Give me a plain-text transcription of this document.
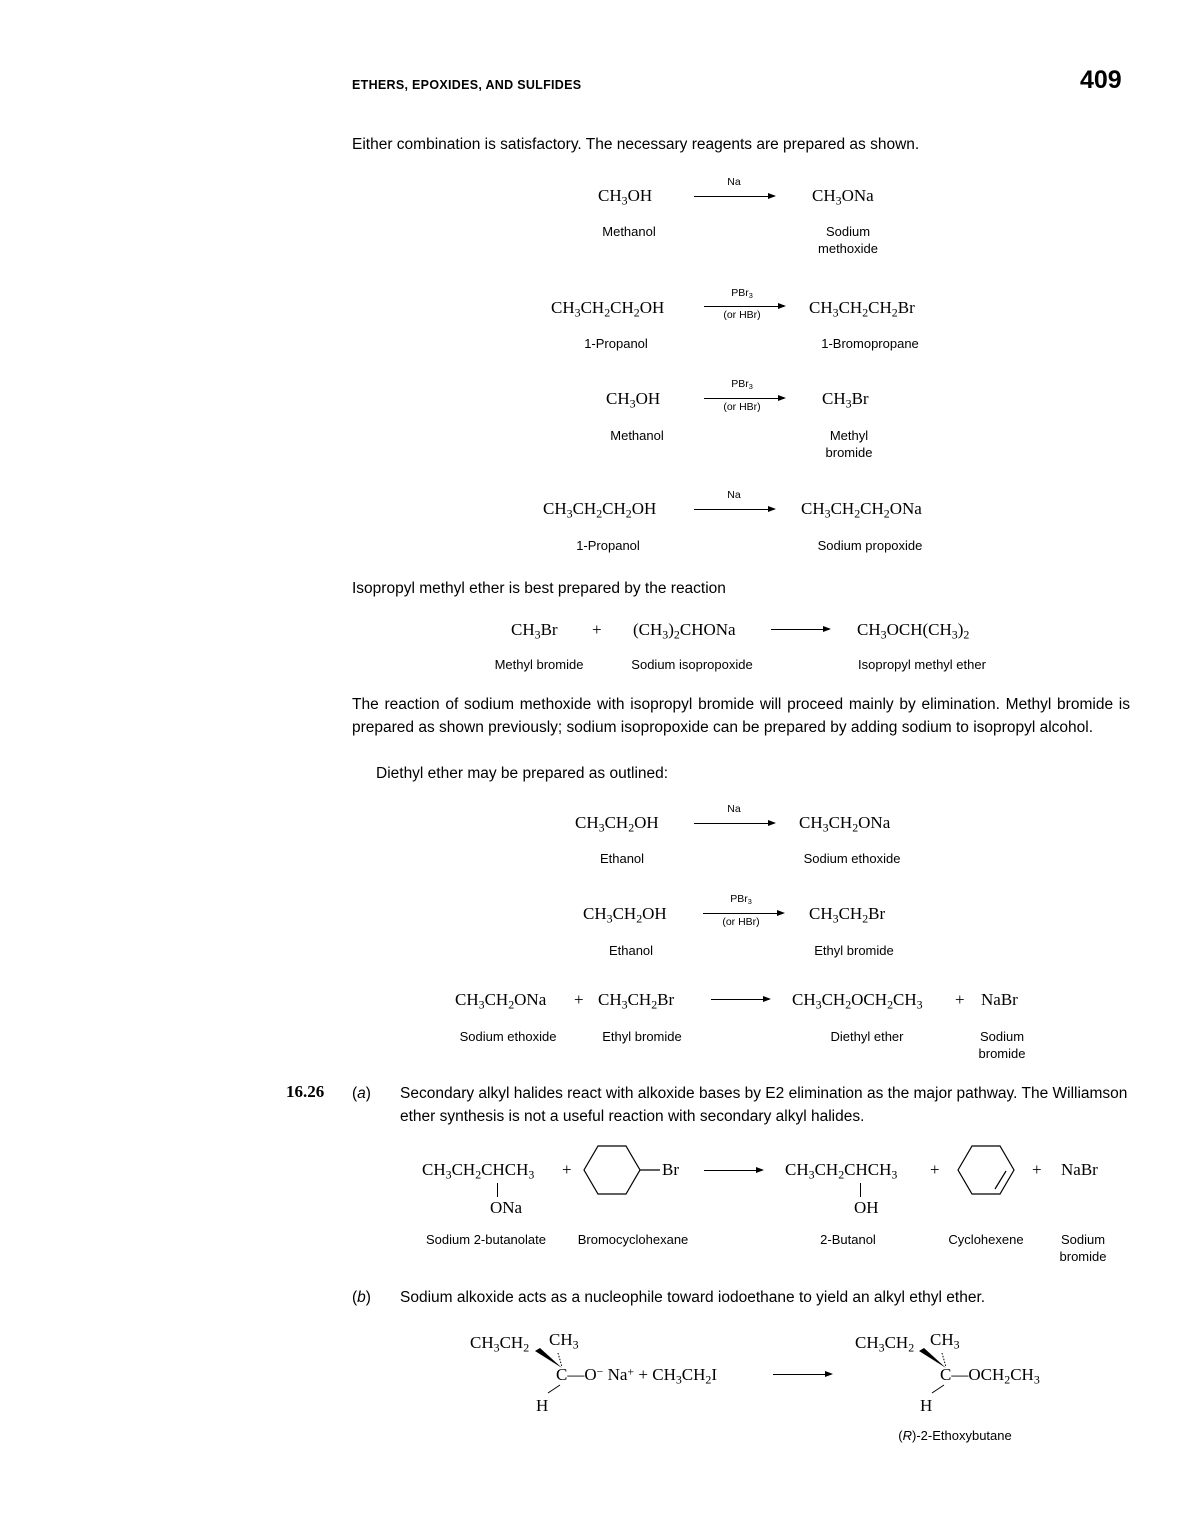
ETHERS, EPOXIDES, AND SULFIDES	409
Either combination is satisfactory. The necessary reagents are prepared as shown.
$CH_3OH$
Na
$CH_3ONa$
Methanol	Sodium
methoxide
$CH_3CH_2CH_2OH$
PBr$_3$
(or HBr)	$CH_3CH_2CH_2Br$
1-Propanol	1-Bromopropane
$CH_3OH$
PBr$_3$
(or HBr)	$CH_3Br$
Methanol	Methyl
bromide
$CH_3CH_2CH_2OH$
Na
$CH_3CH_2CH_2ONa$
1-Propanol	Sodium propoxide
Isopropyl methyl ether is best prepared by the reaction
$CH_3Br$ + $(CH_3)_2CHONa$	$CH_3OCH(CH_3)_2$
Methyl bromide	Sodium isopropoxide	Isopropyl methyl ether
The reaction of sodium methoxide with isopropyl bromide will proceed mainly by elimination. Methyl bromide is prepared as shown previously; sodium isopropoxide can be prepared by adding sodium to isopropyl alcohol.
Diethyl ether may be prepared as outlined:
$CH_3CH_2OH$
Na
$CH_3CH_2ONa$
Ethanol	Sodium ethoxide
$CH_3CH_2OH$
PBr$_3$
(or HBr)	$CH_3CH_2Br$
Ethanol	Ethyl bromide
$CH_3CH_2ONa + CH_3CH_2Br$	$CH_3CH_2OCH_2CH_3$ + NaBr
Sodium ethoxide	Ethyl bromide	Diethyl ether	Sodium
bromide
16.26 (a) Secondary alkyl halides react with alkoxide bases by E2 elimination as the major pathway. The Williamson ether synthesis is not a useful reaction with secondary alkyl halides.
$CH_3CH_2CHCH_3$
ONa
+	Br	$CH_3CH_2CHCH_3$
OH
+	+ NaBr
Sodium 2-butanolate Bromocyclohexane	2-Butanol	Cyclohexene	Sodium
bromide
(b) Sodium alkoxide acts as a nucleophile toward iodoethane to yield an alkyl ethyl ether.
$CH_3CH_2$ $CH_3$
C—O− $Na^+ + CH_3CH_2I$
H
$CH_3CH_2$ $CH_3$
$C—OCH_2CH_3$
H
(R)-2-Ethoxybutane
